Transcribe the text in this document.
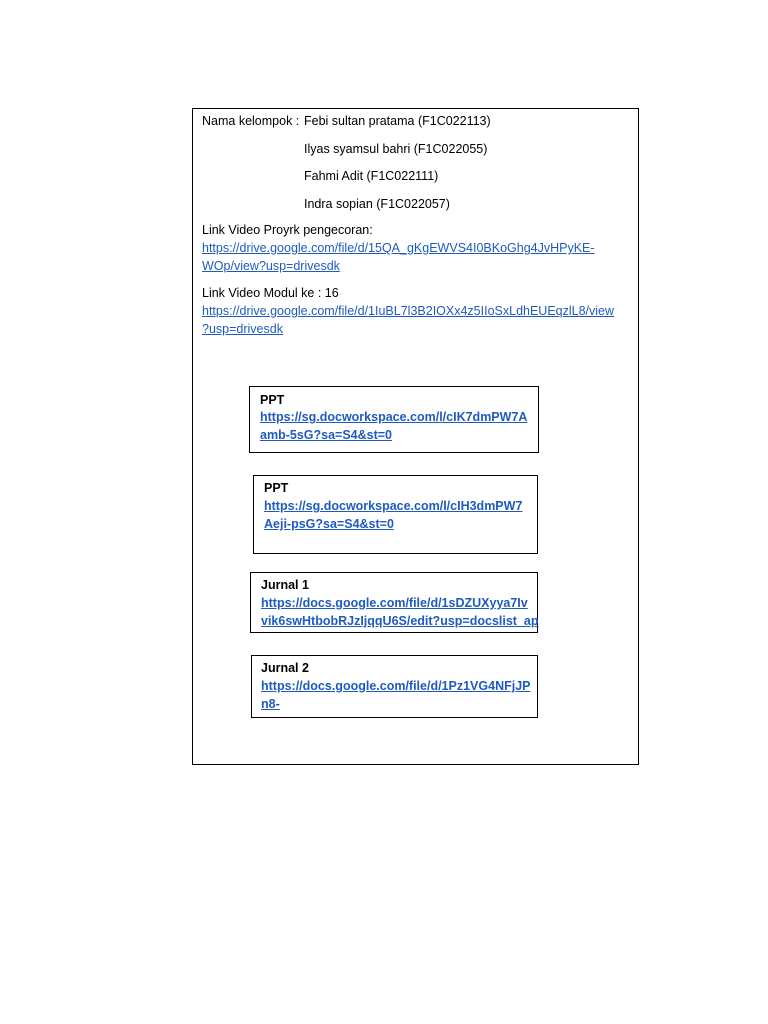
Nama kelompok : Febi sultan pratama (F1C022113)
Ilyas syamsul bahri (F1C022055)
Fahmi Adit (F1C022111)
Indra sopian (F1C022057)
Link Video Proyrk pengecoran:
https://drive.google.com/file/d/15QA_gKgEWVS4I0BKoGhg4JvHPyKE-
WOp/view?usp=drivesdk
Link Video Modul ke : 16
https://drive.google.com/file/d/1IuBL7l3B2IOXx4z5IIoSxLdhEUEqzlL8/view
?usp=drivesdk
PPT
https://sg.docworkspace.com/l/cIK7dmPW7A
amb-5sG?sa=S4&st=0
PPT
https://sg.docworkspace.com/l/cIH3dmPW7
Aeji-psG?sa=S4&st=0
Jurnal 1
https://docs.google.com/file/d/1sDZUXyya7Iv
vik6swHtbobRJzIjqqU6S/edit?usp=docslist_ap
Jurnal 2
https://docs.google.com/file/d/1Pz1VG4NFjJP
n8-
